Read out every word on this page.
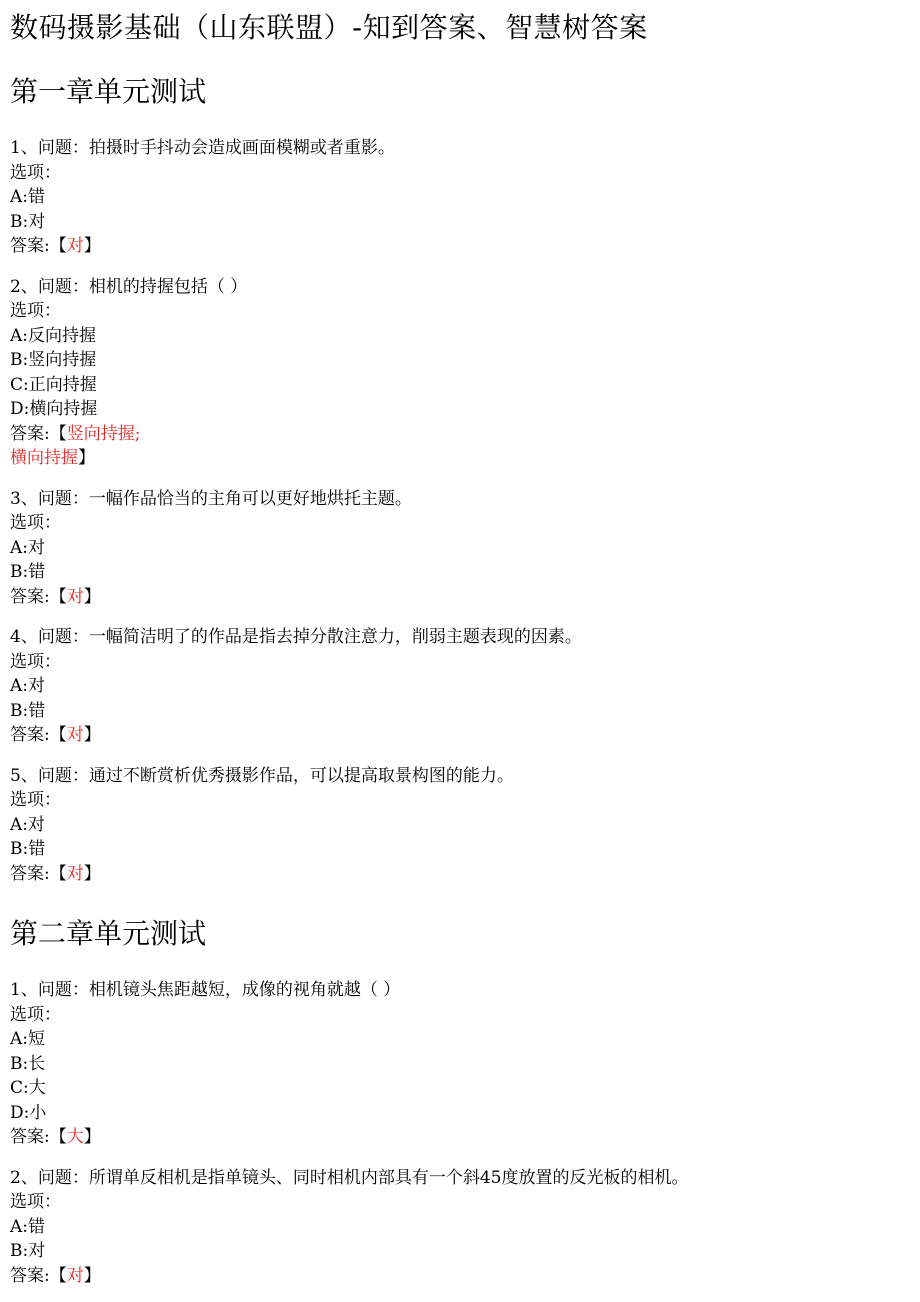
数码摄影基础（山东联盟）-知到答案、智慧树答案
第一章单元测试
1、问题：拍摄时手抖动会造成画面模糊或者重影。
选项：
A:错
B:对
答案:【对】
2、问题：相机的持握包括（ ）
选项：
A:反向持握
B:竖向持握
C:正向持握
D:横向持握
答案:【竖向持握;
横向持握】
3、问题：一幅作品恰当的主角可以更好地烘托主题。
选项：
A:对
B:错
答案:【对】
4、问题：一幅简洁明了的作品是指去掉分散注意力，削弱主题表现的因素。
选项：
A:对
B:错
答案:【对】
5、问题：通过不断赏析优秀摄影作品，可以提高取景构图的能力。
选项：
A:对
B:错
答案:【对】
第二章单元测试
1、问题：相机镜头焦距越短，成像的视角就越（ ）
选项：
A:短
B:长
C:大
D:小
答案:【大】
2、问题：所谓单反相机是指单镜头、同时相机内部具有一个斜45度放置的反光板的相机。
选项：
A:错
B:对
答案:【对】
